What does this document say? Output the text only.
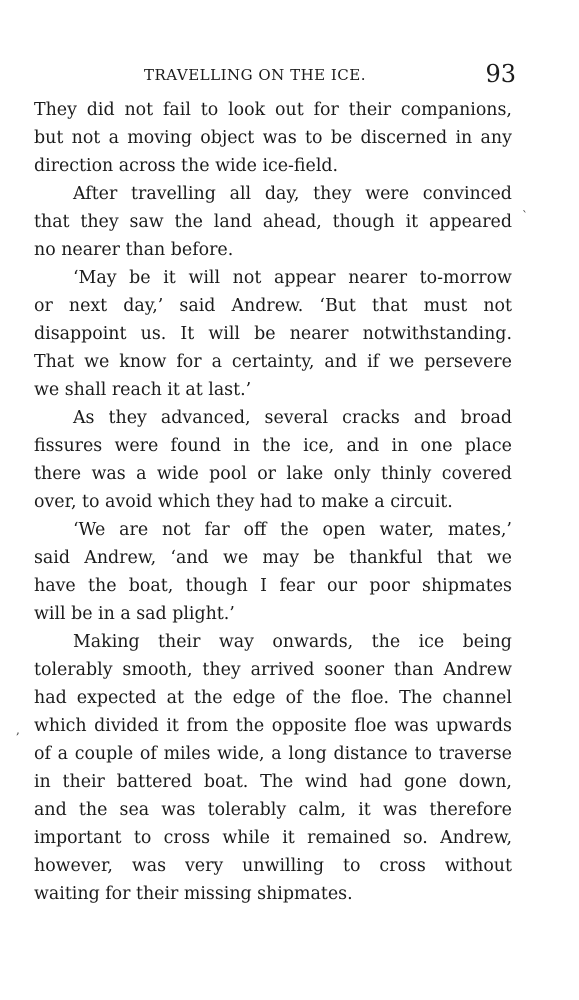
TRAVELLING ON THE ICE.	93
They did not fail to look out for their companions,
but not a moving object was to be discerned in any
direction across the wide ice-field.
After travelling all day, they were convinced
that they saw the land ahead, though it appeared
no nearer than before.
‘May be it will not appear nearer to-morrow
or next day,’ said Andrew. ‘But that must not
disappoint us. It will be nearer notwithstanding.
That we know for a certainty, and if we persevere
we shall reach it at last.’
As they advanced, several cracks and broad
fissures were found in the ice, and in one place
there was a wide pool or lake only thinly covered
over, to avoid which they had to make a circuit.
‘We are not far off the open water, mates,’
said Andrew, ‘and we may be thankful that we
have the boat, though I fear our poor shipmates
will be in a sad plight.’
Making their way onwards, the ice being
tolerably smooth, they arrived sooner than Andrew
had expected at the edge of the floe. The channel
which divided it from the opposite floe was upwards
of a couple of miles wide, a long distance to traverse
in their battered boat. The wind had gone down,
and the sea was tolerably calm, it was therefore
important to cross while it remained so. Andrew,
however, was very unwilling to cross without
waiting for their missing shipmates.
ˋ
,
